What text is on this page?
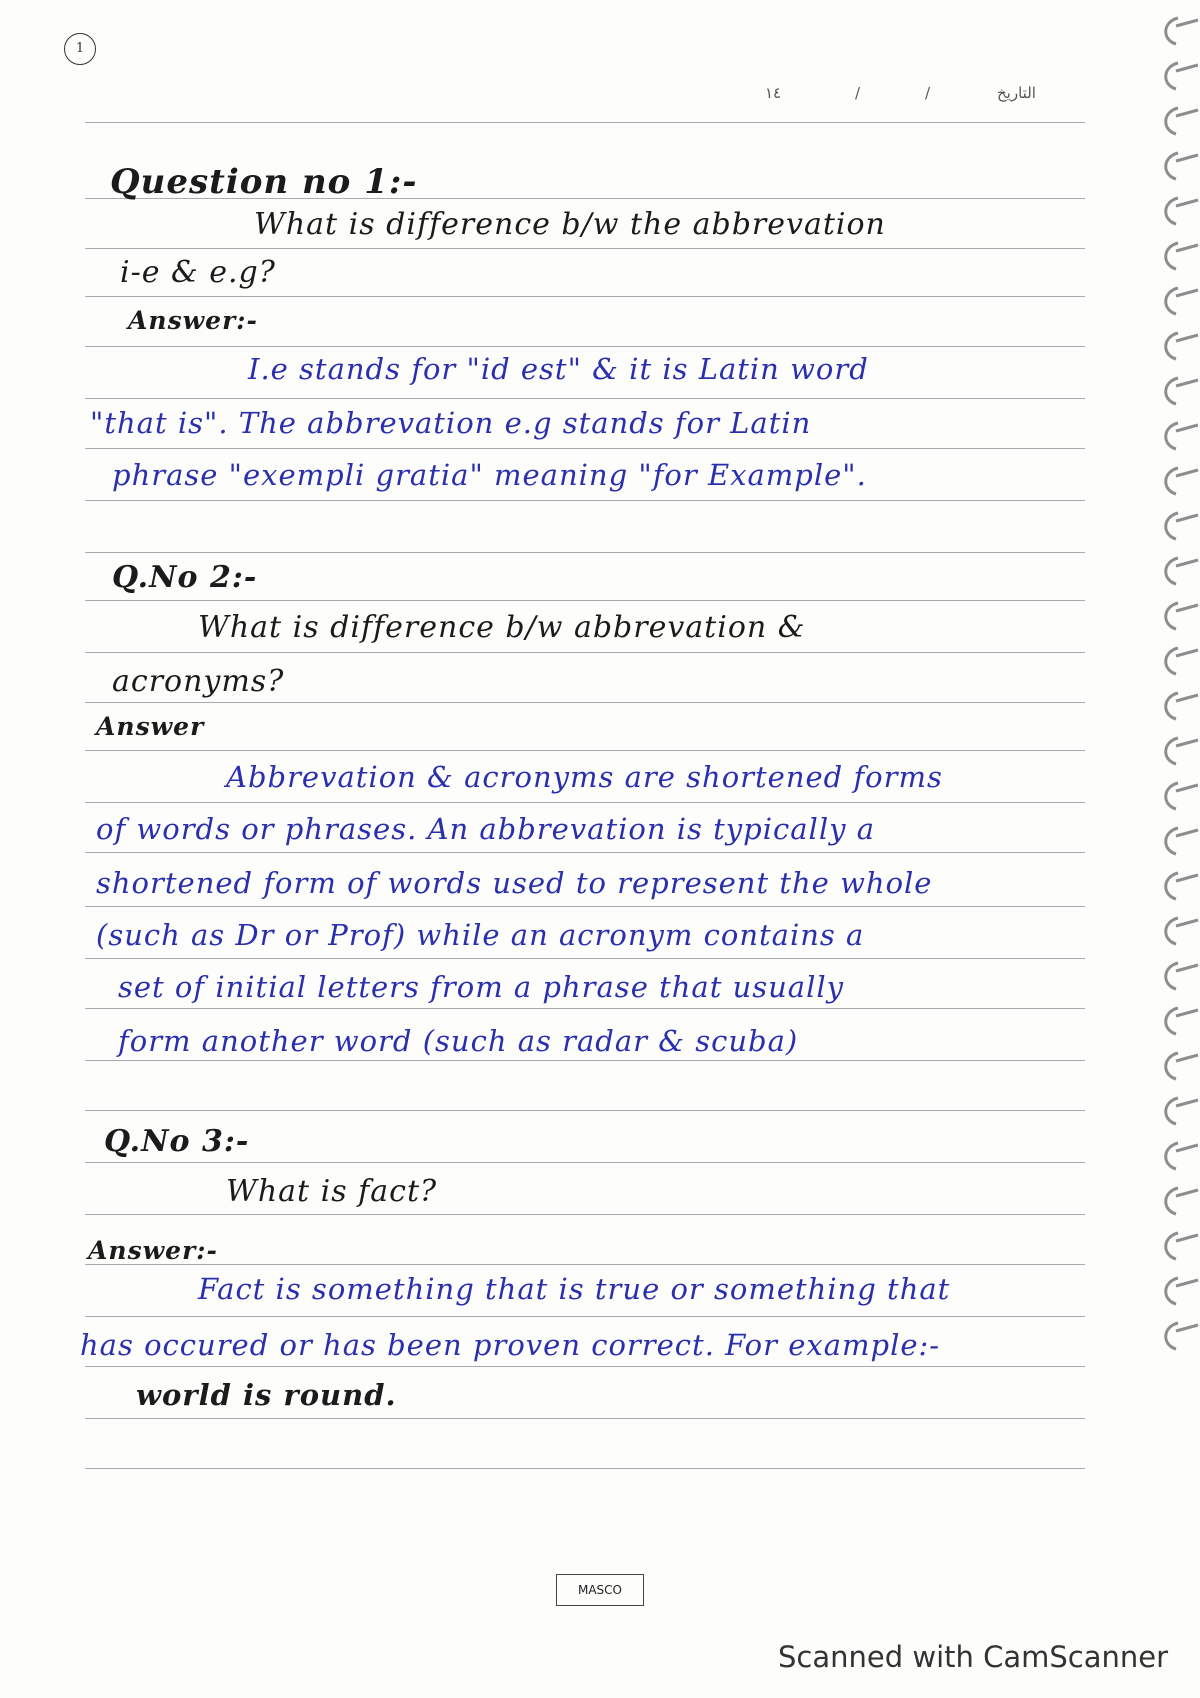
1
١٤	/	/	التاريخ
Question no 1:-
What is difference b/w the abbrevation
i-e & e.g?
Answer:-
I.e stands for "id est" & it is Latin word
"that is". The abbrevation e.g stands for Latin
phrase "exempli gratia" meaning "for Example".
Q.No 2:-
What is difference b/w abbrevation &
acronyms?
Answer
Abbrevation & acronyms are shortened forms
of words or phrases. An abbrevation is typically a
shortened form of words used to represent the whole
(such as Dr or Prof) while an acronym contains a
set of initial letters from a phrase that usually
form another word (such as radar & scuba)
Q.No 3:-
What is fact?
Answer:-
Fact is something that is true or something that
has occured or has been proven correct. For example:-
world is round.
MASCO
Scanned with CamScanner
